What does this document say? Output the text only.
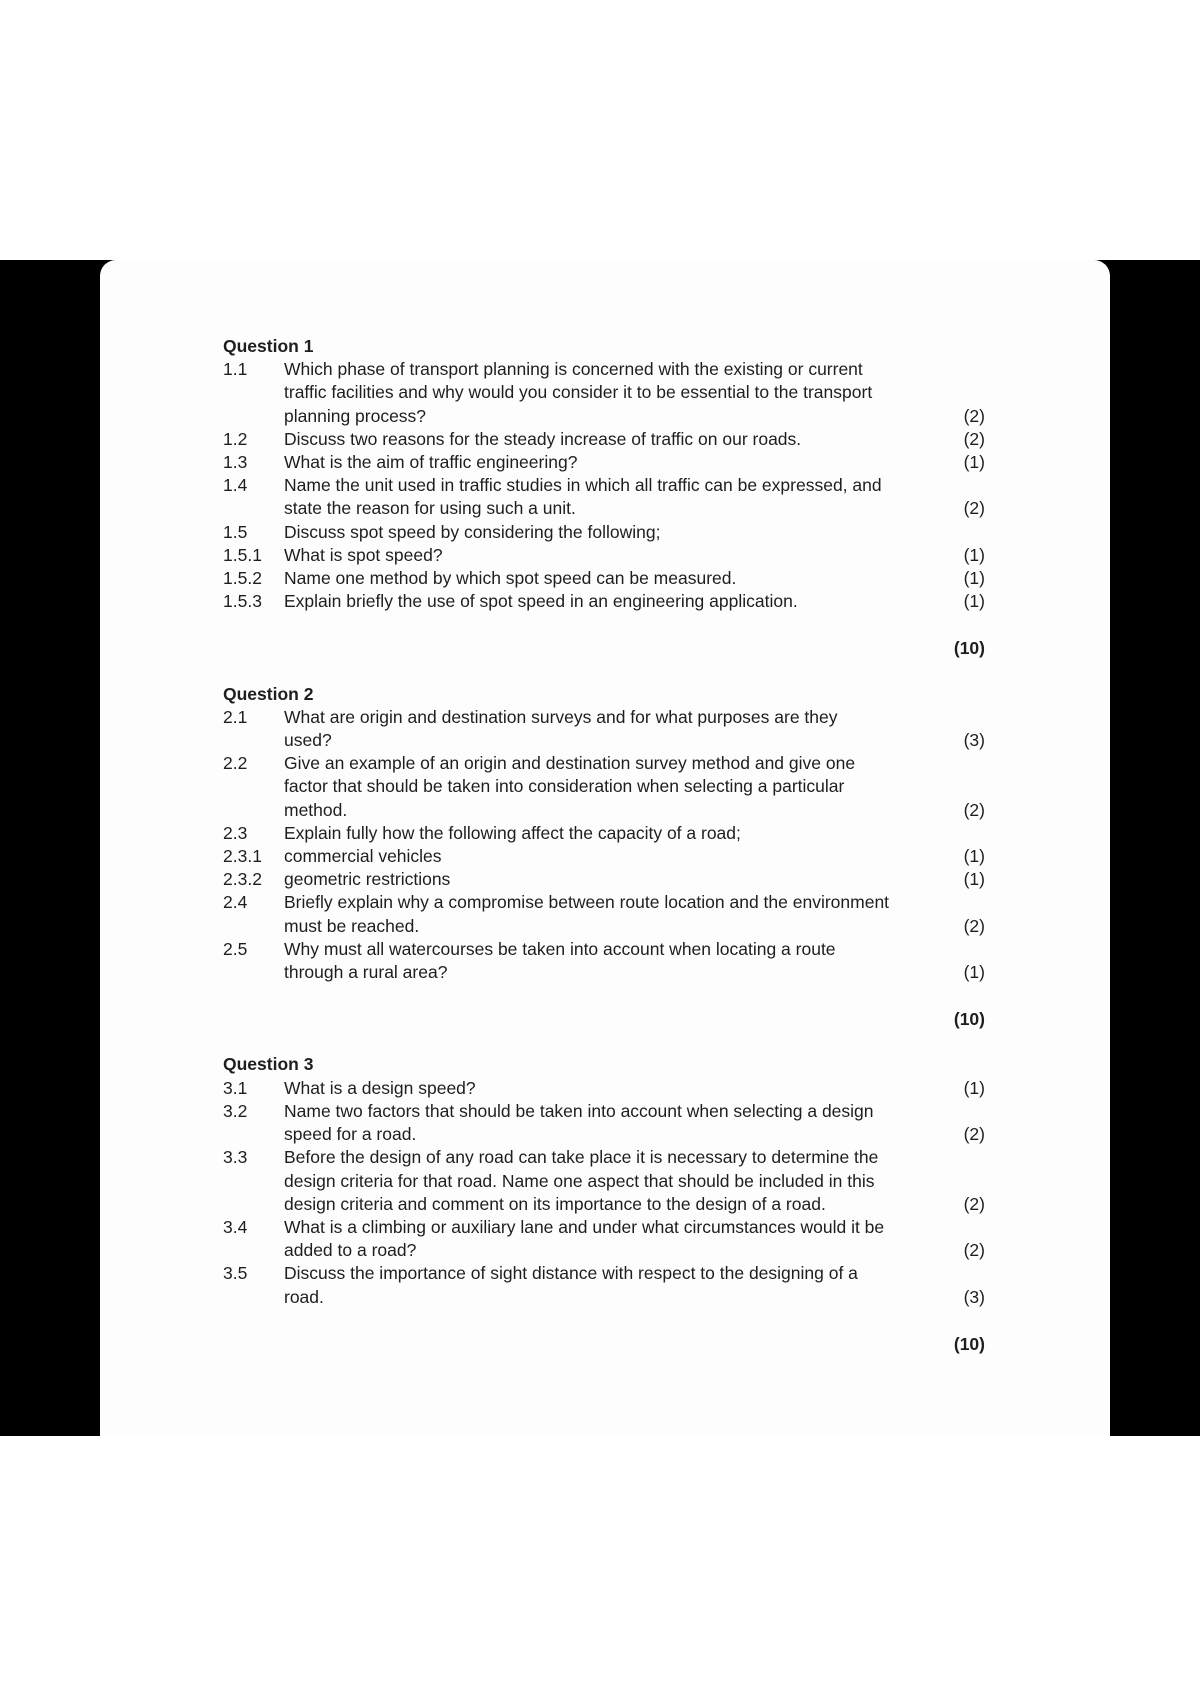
Question 1
1.1	Which phase of transport planning is concerned with the existing or current
traffic facilities and why would you consider it to be essential to the transport
planning process?	(2)
1.2	Discuss two reasons for the steady increase of traffic on our roads.	(2)
1.3	What is the aim of traffic engineering?	(1)
1.4	Name the unit used in traffic studies in which all traffic can be expressed, and
state the reason for using such a unit.	(2)
1.5	Discuss spot speed by considering the following;
1.5.1	What is spot speed?	(1)
1.5.2	Name one method by which spot speed can be measured.	(1)
1.5.3	Explain briefly the use of spot speed in an engineering application.	(1)
(10)
Question 2
2.1	What are origin and destination surveys and for what purposes are they
used?	(3)
2.2	Give an example of an origin and destination survey method and give one
factor that should be taken into consideration when selecting a particular
method.	(2)
2.3	Explain fully how the following affect the capacity of a road;
2.3.1	commercial vehicles	(1)
2.3.2	geometric restrictions	(1)
2.4	Briefly explain why a compromise between route location and the environment
must be reached.	(2)
2.5	Why must all watercourses be taken into account when locating a route
through a rural area?	(1)
(10)
Question 3
3.1	What is a design speed?	(1)
3.2	Name two factors that should be taken into account when selecting a design
speed for a road.	(2)
3.3	Before the design of any road can take place it is necessary to determine the
design criteria for that road. Name one aspect that should be included in this
design criteria and comment on its importance to the design of a road.	(2)
3.4	What is a climbing or auxiliary lane and under what circumstances would it be
added to a road?	(2)
3.5	Discuss the importance of sight distance with respect to the designing of a
road.	(3)
(10)
